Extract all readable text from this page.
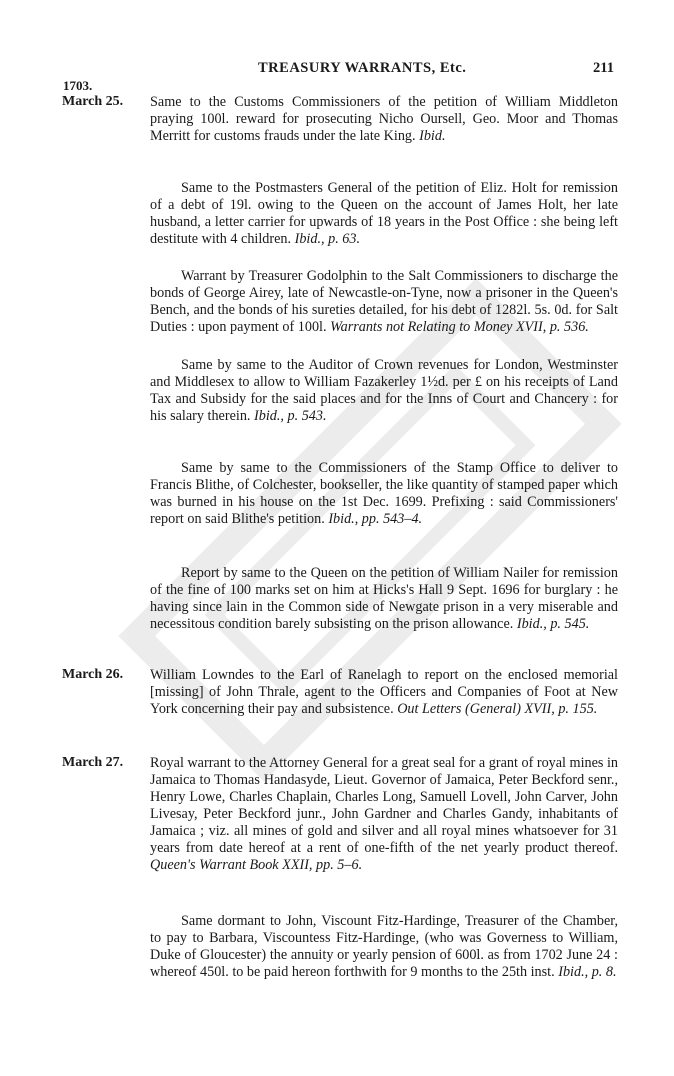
TREASURY WARRANTS, Etc.	211
1703.
March 25. Same to the Customs Commissioners of the petition of William Middleton praying 100l. reward for prosecuting Nicho Oursell, Geo. Moor and Thomas Merritt for customs frauds under the late King. Ibid.

Same to the Postmasters General of the petition of Eliz. Holt for remission of a debt of 19l. owing to the Queen on the account of James Holt, her late husband, a letter carrier for upwards of 18 years in the Post Office : she being left destitute with 4 children. Ibid., p. 63.

Warrant by Treasurer Godolphin to the Salt Commissioners to discharge the bonds of George Airey, late of Newcastle-on-Tyne, now a prisoner in the Queen's Bench, and the bonds of his sureties detailed, for his debt of 1282l. 5s. 0d. for Salt Duties : upon payment of 100l. Warrants not Relating to Money XVII, p. 536.

Same by same to the Auditor of Crown revenues for London, Westminster and Middlesex to allow to William Fazakerley 1½d. per £ on his receipts of Land Tax and Subsidy for the said places and for the Inns of Court and Chancery : for his salary therein. Ibid., p. 543.

Same by same to the Commissioners of the Stamp Office to deliver to Francis Blithe, of Colchester, bookseller, the like quantity of stamped paper which was burned in his house on the 1st Dec. 1699. Prefixing : said Commissioners' report on said Blithe's petition. Ibid., pp. 543–4.

Report by same to the Queen on the petition of William Nailer for remission of the fine of 100 marks set on him at Hicks's Hall 9 Sept. 1696 for burglary : he having since lain in the Common side of Newgate prison in a very miserable and necessitous condition barely subsisting on the prison allowance. Ibid., p. 545.

March 26. William Lowndes to the Earl of Ranelagh to report on the enclosed memorial [missing] of John Thrale, agent to the Officers and Companies of Foot at New York concerning their pay and subsistence. Out Letters (General) XVII, p. 155.

March 27. Royal warrant to the Attorney General for a great seal for a grant of royal mines in Jamaica to Thomas Handasyde, Lieut. Governor of Jamaica, Peter Beckford senr., Henry Lowe, Charles Chaplain, Charles Long, Samuell Lovell, John Carver, John Livesay, Peter Beckford junr., John Gardner and Charles Gandy, inhabitants of Jamaica ; viz. all mines of gold and silver and all royal mines whatsoever for 31 years from date hereof at a rent of one-fifth of the net yearly product thereof. Queen's Warrant Book XXII, pp. 5–6.

Same dormant to John, Viscount Fitz-Hardinge, Treasurer of the Chamber, to pay to Barbara, Viscountess Fitz-Hardinge, (who was Governess to William, Duke of Gloucester) the annuity or yearly pension of 600l. as from 1702 June 24 : whereof 450l. to be paid hereon forthwith for 9 months to the 25th inst. Ibid., p. 8.
